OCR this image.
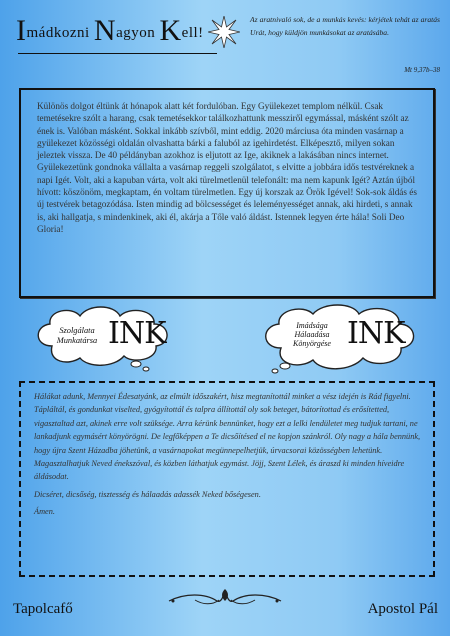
Imádkozni Nagyon Kell!
Az aratnivaló sok, de a munkás kevés: kérjétek tehát az aratás Urát, hogy küldjön munkásokat az aratásába.
Mt 9,37b–38

Különös dolgot éltünk át hónapok alatt két fordulóban. Egy Gyülekezet templom nélkül. Csak temetésekre szólt a harang, csak temetésekkor találkozhattunk messziről egymással, másként szólt az ének is. Valóban másként. Sokkal inkább szívből, mint eddig. 2020 márciusa óta minden vasárnap a gyülekezet közösségi oldalán olvashatta bárki a faluból az igehirdetést. Elképesztő, milyen sokan jeleztek vissza. De 40 példányban azokhoz is eljutott az Ige, akiknek a lakásában nincs internet. Gyülekezetünk gondnoka vállalta a vasárnap reggeli szolgálatot, s elvitte a jobbára idős testvéreknek a napi Igét. Volt, aki a kapuban várta, volt aki türelmetlenül telefonált: ma nem kapunk Igét? Aztán újból hívott: köszönöm, megkaptam, én voltam türelmetlen. Egy új korszak az Örök Igével! Sok-sok áldás és új testvérek betagozódása. Isten mindig ad bölcsességet és leleményességet annak, aki hirdeti, s annak is, aki hallgatja, s mindenkinek, aki él, akárja a Tőle való áldást. Istennek legyen érte hála! Soli Deo Gloria!

Szolgálata
Munkatársa INK	Imádsága
Hálaadása
Könyörgése INK

Hálákat adunk, Mennyei Édesatyánk, az elmúlt időszakért, hisz megtanítottál minket a vész idején is Rád figyelni. Tápláltál, és gondunkat viselted, gyógyítottál és talpra állítottál oly sok beteget, bátorítottad és erősítetted, vigasztaltad azt, akinek erre volt szüksége. Arra kérünk bennünket, hogy ezt a lelki lendületet meg tudjuk tartani, ne lankadjunk egymásért könyörögni. De legfőképpen a Te dicsőítésed el ne kopjon szánkról. Oly nagy a hála bennünk, hogy újra Szent Házadba jöhetünk, a vasárnapokat megünnepelhetjük, úrvacsorai közösségben lehetünk. Magasztalhatjuk Neved énekszóval, és közben láthatjuk egymást. Jöjj, Szent Lélek, és áraszd ki minden híveidre áldásodat.

Dicséret, dicsőség, tisztesség és hálaadás adassék Neked bőségesen.

Ámen.

Tapolcafő	Apostol Pál
